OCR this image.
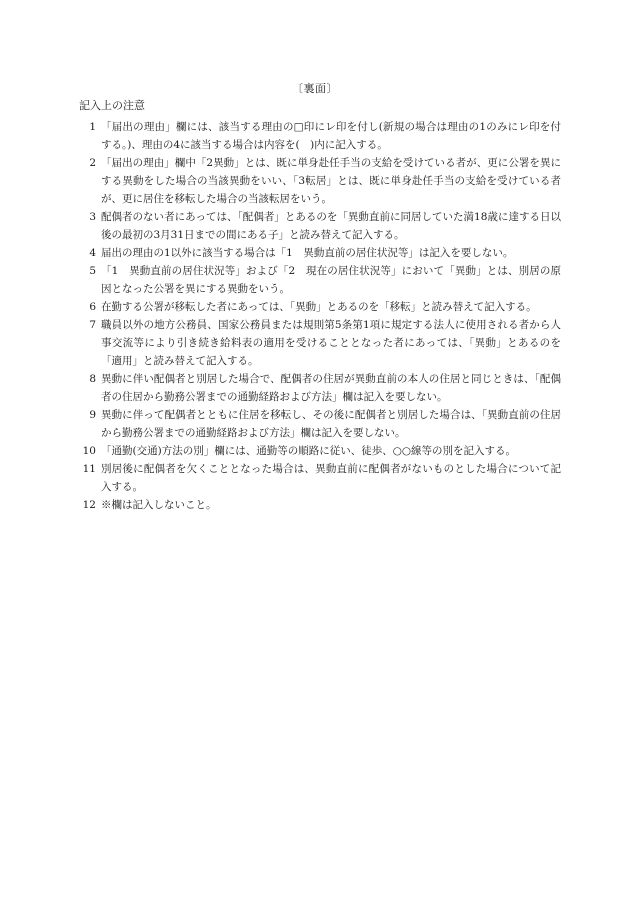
〔裏面〕
記入上の注意
1 「届出の理由」欄には、該当する理由の□印にレ印を付し(新規の場合は理由の1のみにレ印を付する。)、理由の4に該当する場合は内容を(　)内に記入する。
2 「届出の理由」欄中「2異動」とは、既に単身赴任手当の支給を受けている者が、更に公署を異にする異動をした場合の当該異動をいい、「3転居」とは、既に単身赴任手当の支給を受けている者が、更に居住を移転した場合の当該転居をいう。
3 配偶者のない者にあっては、「配偶者」とあるのを「異動直前に同居していた満18歳に達する日以後の最初の3月31日までの間にある子」と読み替えて記入する。
4 届出の理由の1以外に該当する場合は「1　異動直前の居住状況等」は記入を要しない。
5 「1　異動直前の居住状況等」および「2　現在の居住状況等」において「異動」とは、別居の原因となった公署を異にする異動をいう。
6 在勤する公署が移転した者にあっては、「異動」とあるのを「移転」と読み替えて記入する。
7 職員以外の地方公務員、国家公務員または規則第5条第1項に規定する法人に使用される者から人事交流等により引き続き給料表の適用を受けることとなった者にあっては、「異動」とあるのを「適用」と読み替えて記入する。
8 異動に伴い配偶者と別居した場合で、配偶者の住居が異動直前の本人の住居と同じときは、「配偶者の住居から勤務公署までの通勤経路および方法」欄は記入を要しない。
9 異動に伴って配偶者とともに住居を移転し、その後に配偶者と別居した場合は、「異動直前の住居から勤務公署までの通勤経路および方法」欄は記入を要しない。
10 「通勤(交通)方法の別」欄には、通勤等の順路に従い、徒歩、○○線等の別を記入する。
11 別居後に配偶者を欠くこととなった場合は、異動直前に配偶者がないものとした場合について記入する。
12 ※欄は記入しないこと。
